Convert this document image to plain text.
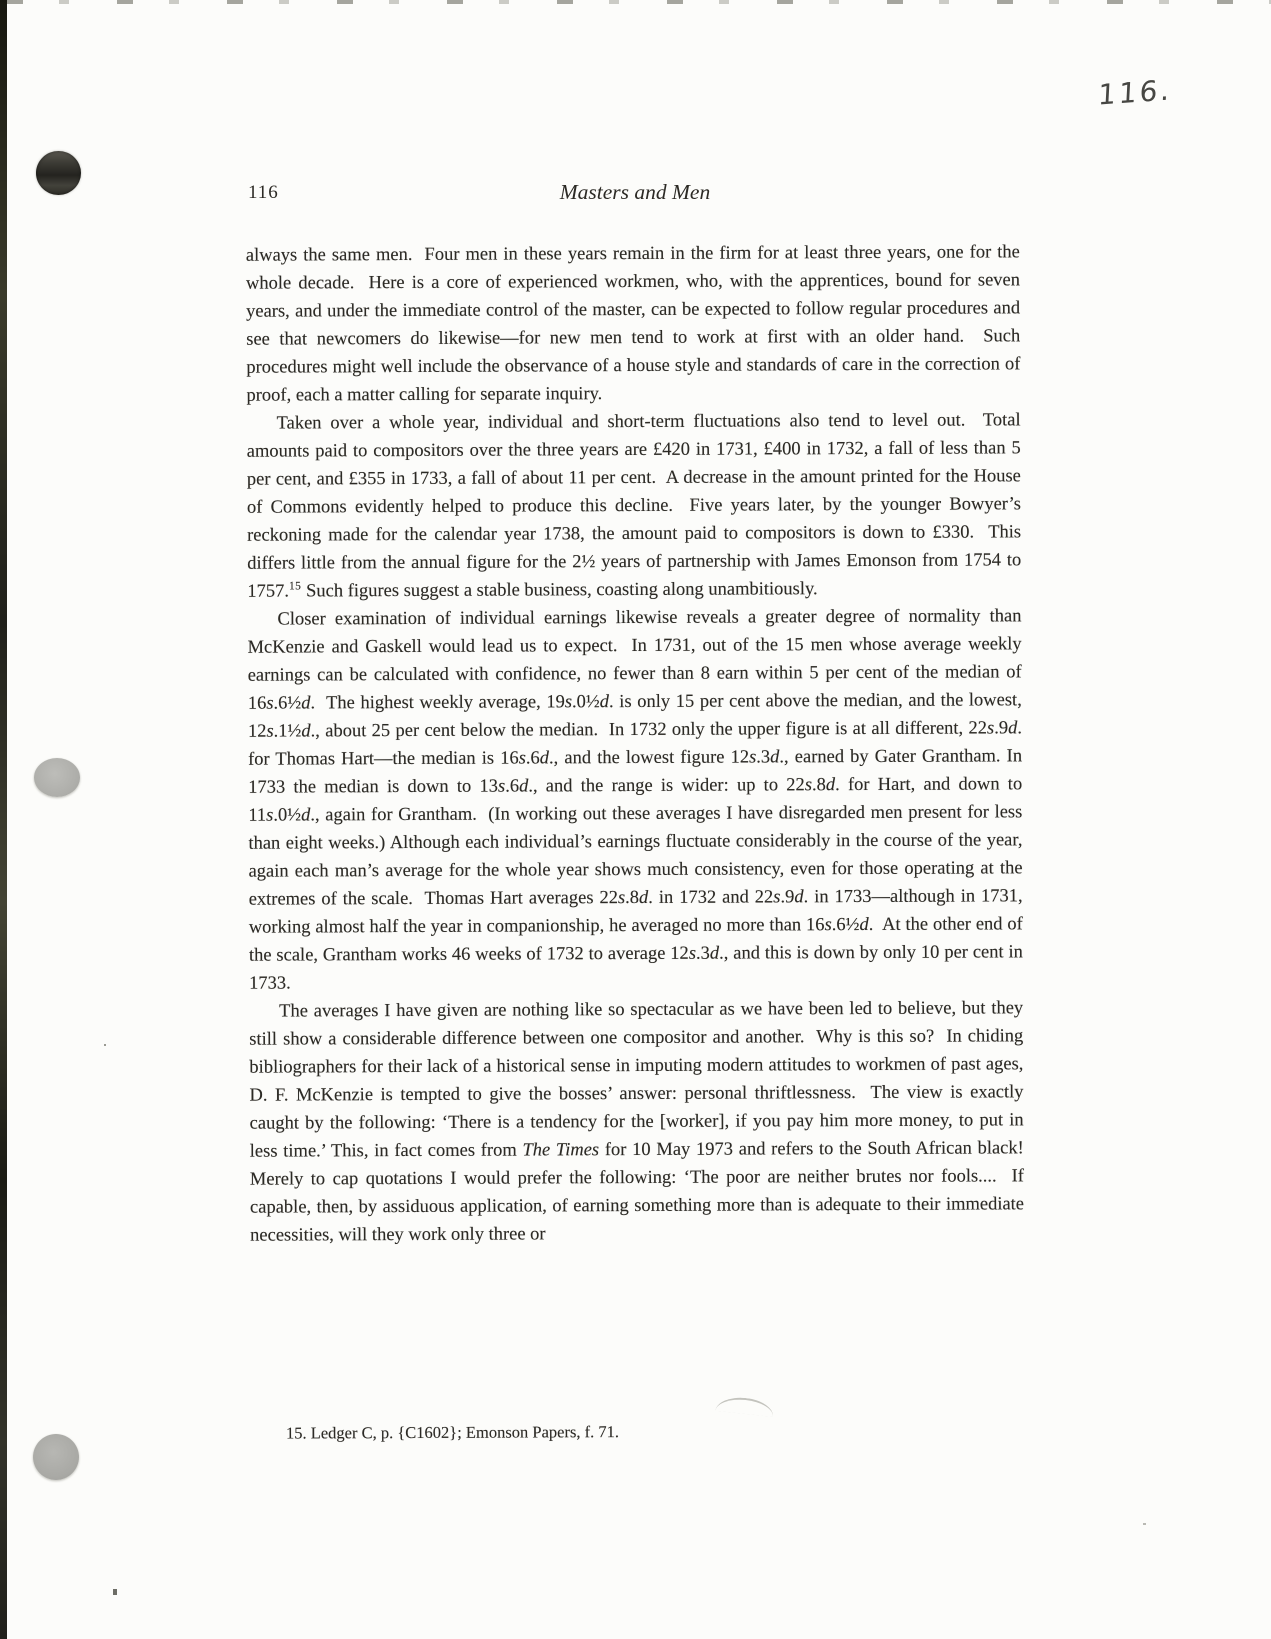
116.
116	Masters and Men
always the same men.  Four men in these years remain in the firm for at least three years, one for the whole decade.  Here is a core of experienced workmen, who, with the apprentices, bound for seven years, and under the immediate control of the master, can be expected to follow regular procedures and see that newcomers do likewise—for new men tend to work at first with an older hand.  Such procedures might well include the observance of a house style and standards of care in the correction of proof, each a matter calling for separate inquiry.
Taken over a whole year, individual and short-term fluctuations also tend to level out.  Total amounts paid to compositors over the three years are £420 in 1731, £400 in 1732, a fall of less than 5 per cent, and £355 in 1733, a fall of about 11 per cent.  A decrease in the amount printed for the House of Commons evidently helped to produce this decline.  Five years later, by the younger Bowyer’s reckoning made for the calendar year 1738, the amount paid to compositors is down to £330.  This differs little from the annual figure for the 2½ years of partnership with James Emonson from 1754 to 1757.15 Such figures suggest a stable business, coasting along unambitiously.
Closer examination of individual earnings likewise reveals a greater degree of normality than McKenzie and Gaskell would lead us to expect.  In 1731, out of the 15 men whose average weekly earnings can be calculated with confidence, no fewer than 8 earn within 5 per cent of the median of 16s.6½d.  The highest weekly average, 19s.0½d. is only 15 per cent above the median, and the lowest, 12s.1½d., about 25 per cent below the median.  In 1732 only the upper figure is at all different, 22s.9d. for Thomas Hart—the median is 16s.6d., and the lowest figure 12s.3d., earned by Gater Grantham. In 1733 the median is down to 13s.6d., and the range is wider: up to 22s.8d. for Hart, and down to 11s.0½d., again for Grantham.  (In working out these averages I have disregarded men present for less than eight weeks.) Although each individual’s earnings fluctuate considerably in the course of the year, again each man’s average for the whole year shows much consistency, even for those operating at the extremes of the scale.  Thomas Hart averages 22s.8d. in 1732 and 22s.9d. in 1733—although in 1731, working almost half the year in companionship, he averaged no more than 16s.6½d.  At the other end of the scale, Grantham works 46 weeks of 1732 to average 12s.3d., and this is down by only 10 per cent in 1733.
The averages I have given are nothing like so spectacular as we have been led to believe, but they still show a considerable difference between one compositor and another.  Why is this so?  In chiding bibliographers for their lack of a historical sense in imputing modern attitudes to workmen of past ages, D. F. McKenzie is tempted to give the bosses’ answer: personal thriftlessness.  The view is exactly caught by the following: ‘There is a tendency for the [worker], if you pay him more money, to put in less time.’ This, in fact comes from The Times for 10 May 1973 and refers to the South African black!  Merely to cap quotations I would prefer the following: ‘The poor are neither brutes nor fools....  If capable, then, by assiduous application, of earning something more than is adequate to their immediate necessities, will they work only three or
15. Ledger C, p. {C1602}; Emonson Papers, f. 71.
